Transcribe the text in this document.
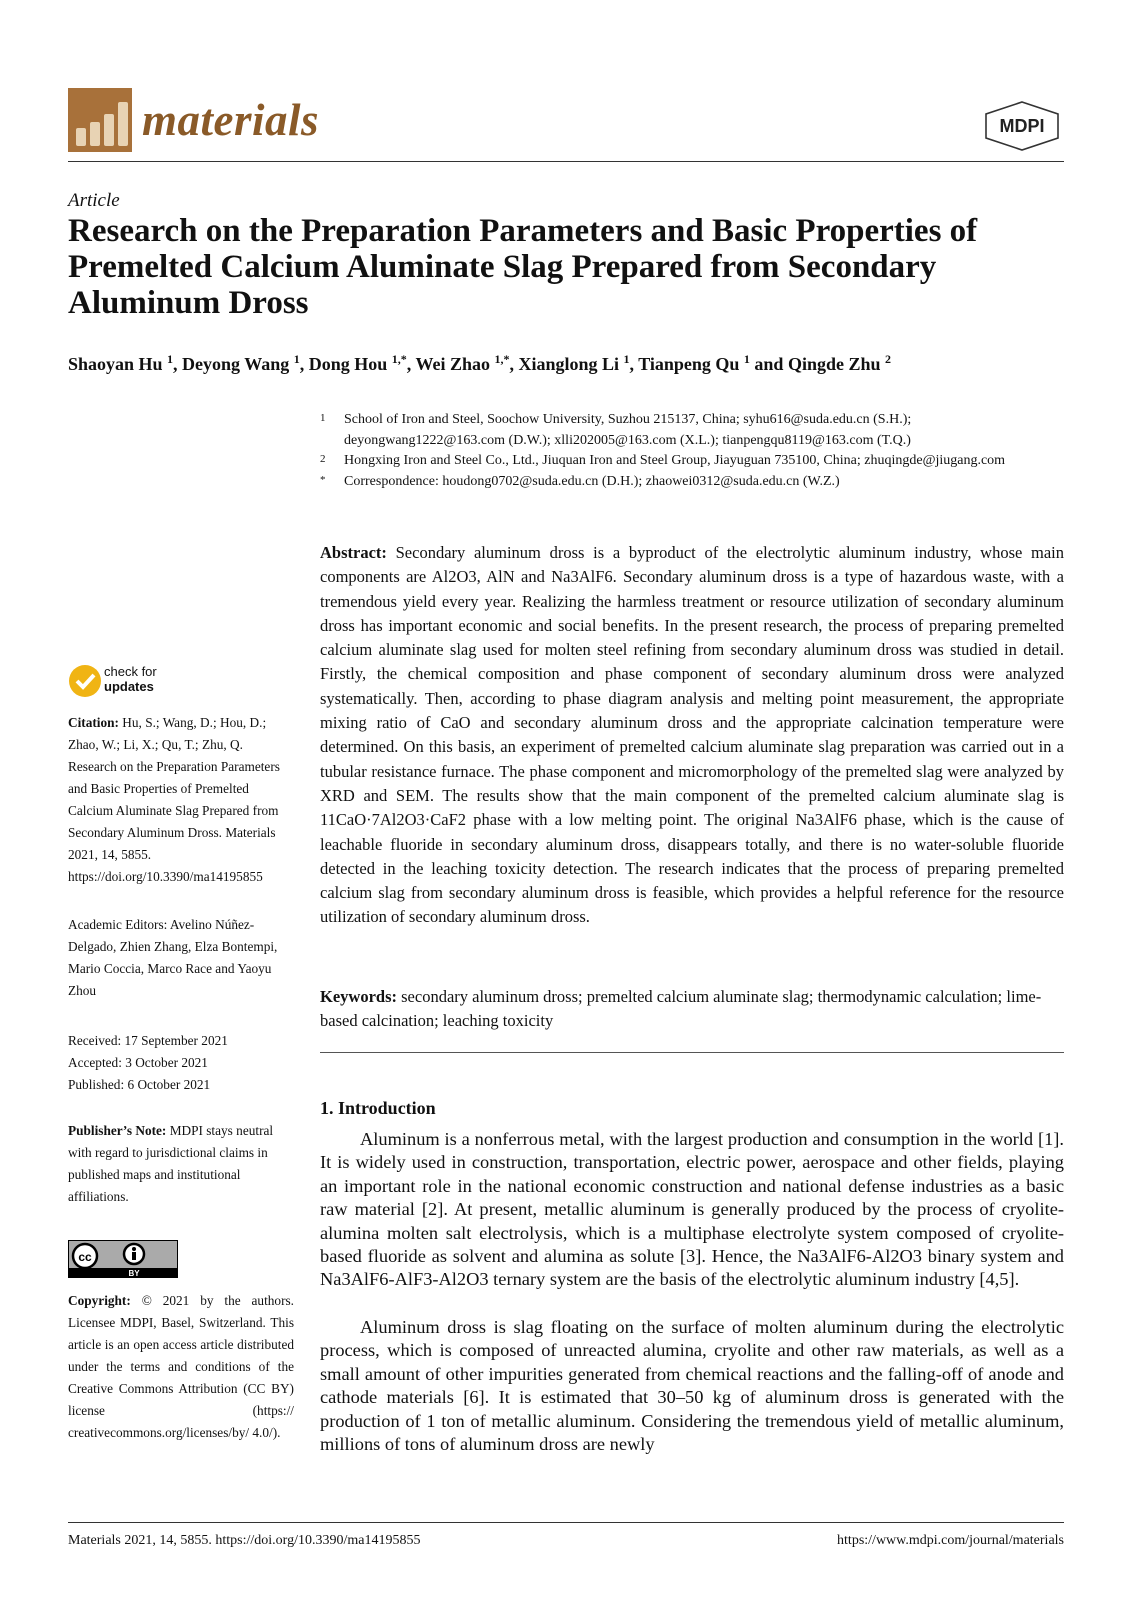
materials	MDPI
Article
Research on the Preparation Parameters and Basic Properties of Premelted Calcium Aluminate Slag Prepared from Secondary Aluminum Dross
Shaoyan Hu $^1$, Deyong Wang $^1$, Dong Hou $^{1,*}$, Wei Zhao $^{1,*}$, Xianglong Li $^1$, Tianpeng Qu $^1$ and Qingde Zhu $^2$
1 School of Iron and Steel, Soochow University, Suzhou 215137, China; syhu616@suda.edu.cn (S.H.); deyongwang1222@163.com (D.W.); xlli202005@163.com (X.L.); tianpengqu8119@163.com (T.Q.)
2 Hongxing Iron and Steel Co., Ltd., Jiuquan Iron and Steel Group, Jiayuguan 735100, China; zhuqingde@jiugang.com
* Correspondence: houdong0702@suda.edu.cn (D.H.); zhaowei0312@suda.edu.cn (W.Z.)
Abstract: Secondary aluminum dross is a byproduct of the electrolytic aluminum industry, whose main components are Al2O3, AlN and Na3AlF6. Secondary aluminum dross is a type of hazardous waste, with a tremendous yield every year. Realizing the harmless treatment or resource utilization of secondary aluminum dross has important economic and social benefits. In the present research, the process of preparing premelted calcium aluminate slag used for molten steel refining from secondary aluminum dross was studied in detail. Firstly, the chemical composition and phase component of secondary aluminum dross were analyzed systematically. Then, according to phase diagram analysis and melting point measurement, the appropriate mixing ratio of CaO and secondary aluminum dross and the appropriate calcination temperature were determined. On this basis, an experiment of premelted calcium aluminate slag preparation was carried out in a tubular resistance furnace. The phase component and micromorphology of the premelted slag were analyzed by XRD and SEM. The results show that the main component of the premelted calcium aluminate slag is 11CaO·7Al2O3·CaF2 phase with a low melting point. The original Na3AlF6 phase, which is the cause of leachable fluoride in secondary aluminum dross, disappears totally, and there is no water-soluble fluoride detected in the leaching toxicity detection. The research indicates that the process of preparing premelted calcium slag from secondary aluminum dross is feasible, which provides a helpful reference for the resource utilization of secondary aluminum dross.
Keywords: secondary aluminum dross; premelted calcium aluminate slag; thermodynamic calculation; lime-based calcination; leaching toxicity
1. Introduction
Aluminum is a nonferrous metal, with the largest production and consumption in the world [1]. It is widely used in construction, transportation, electric power, aerospace and other fields, playing an important role in the national economic construction and national defense industries as a basic raw material [2]. At present, metallic aluminum is generally produced by the process of cryolite-alumina molten salt electrolysis, which is a multiphase electrolyte system composed of cryolite-based fluoride as solvent and alumina as solute [3]. Hence, the Na3AlF6-Al2O3 binary system and Na3AlF6-AlF3-Al2O3 ternary system are the basis of the electrolytic aluminum industry [4,5].
Aluminum dross is slag floating on the surface of molten aluminum during the electrolytic process, which is composed of unreacted alumina, cryolite and other raw materials, as well as a small amount of other impurities generated from chemical reactions and the falling-off of anode and cathode materials [6]. It is estimated that 30–50 kg of aluminum dross is generated with the production of 1 ton of metallic aluminum. Considering the tremendous yield of metallic aluminum, millions of tons of aluminum dross are newly
check for
updates
Citation: Hu, S.; Wang, D.; Hou, D.; Zhao, W.; Li, X.; Qu, T.; Zhu, Q. Research on the Preparation Parameters and Basic Properties of Premelted Calcium Aluminate Slag Prepared from Secondary Aluminum Dross. Materials 2021, 14, 5855. https://doi.org/10.3390/ma14195855
Academic Editors: Avelino Núñez-Delgado, Zhien Zhang, Elza Bontempi, Mario Coccia, Marco Race and Yaoyu Zhou
Received: 17 September 2021
Accepted: 3 October 2021
Published: 6 October 2021
Publisher’s Note: MDPI stays neutral with regard to jurisdictional claims in published maps and institutional affiliations.
cc
BY
Copyright: © 2021 by the authors. Licensee MDPI, Basel, Switzerland. This article is an open access article distributed under the terms and conditions of the Creative Commons Attribution (CC BY) license (https:// creativecommons.org/licenses/by/ 4.0/).
Materials 2021, 14, 5855. https://doi.org/10.3390/ma14195855	https://www.mdpi.com/journal/materials
